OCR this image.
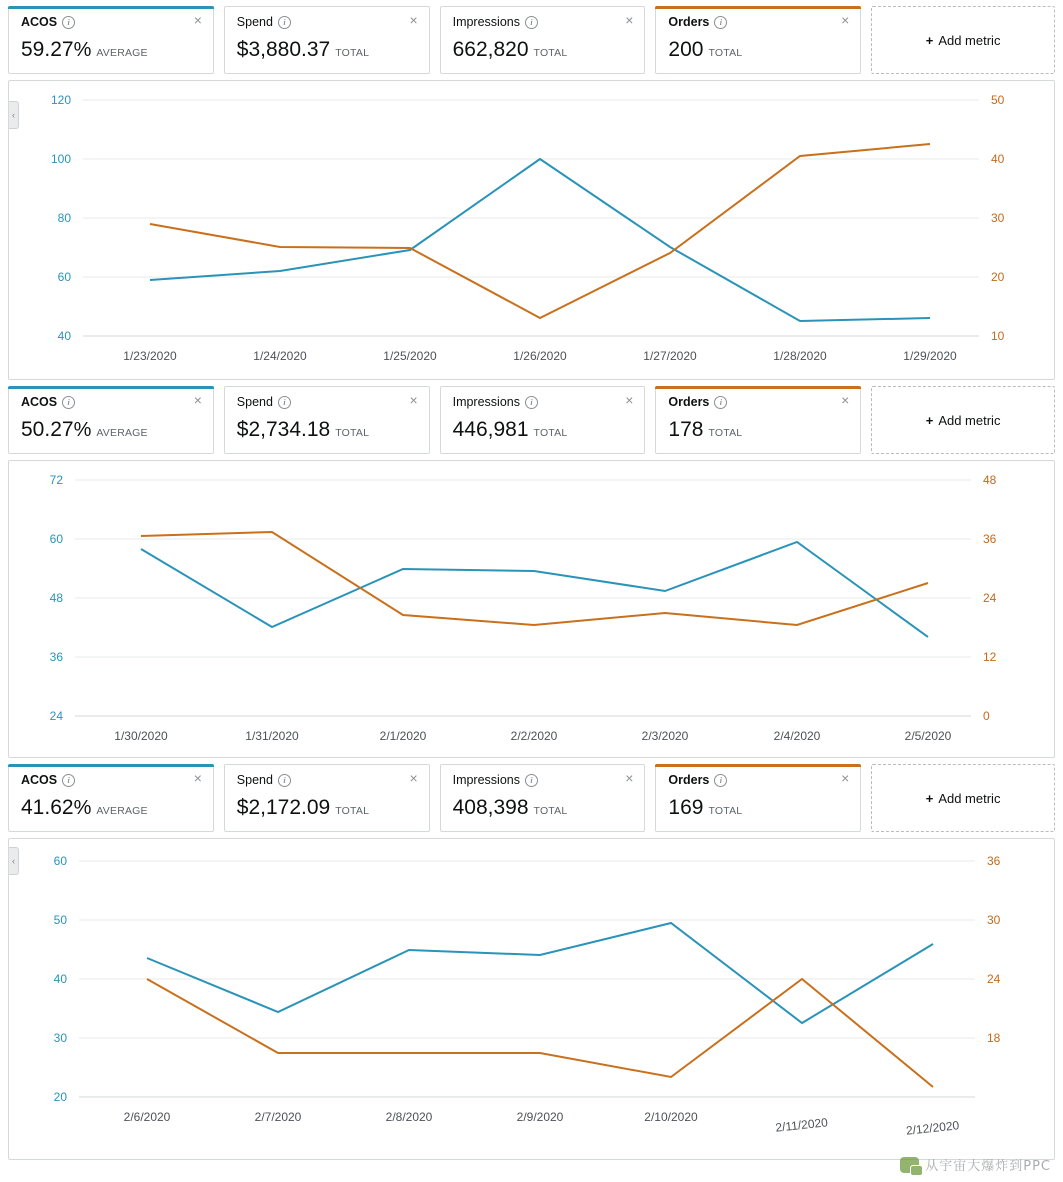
ACOS	i	×
59.27% AVERAGE
Spend	i	×
$3,880.37 TOTAL
Impressions	i	×
662,820 TOTAL
Orders	i	×
200 TOTAL
+ Add metric
120
100
80
60
40
50
40
30
20
10
1/23/2020	1/24/2020	1/25/2020	1/26/2020	1/27/2020	1/28/2020	1/29/2020
‹
ACOS	i	×
50.27% AVERAGE
Spend	i	×
$2,734.18 TOTAL
Impressions	i	×
446,981 TOTAL
Orders	i	×
178 TOTAL
+ Add metric
72
60
48
36
24
48
36
24
12
0
1/30/2020	1/31/2020	2/1/2020	2/2/2020	2/3/2020	2/4/2020	2/5/2020
ACOS	i	×
41.62% AVERAGE
Spend	i	×
$2,172.09 TOTAL
Impressions	i	×
408,398 TOTAL
Orders	i	×
169 TOTAL
+ Add metric
60
50
40
30
20
36
30
24
18
2/6/2020	2/7/2020	2/8/2020	2/9/2020	2/10/2020	2/11/2020	2/12/2020
‹
从宇宙大爆炸到PPC
